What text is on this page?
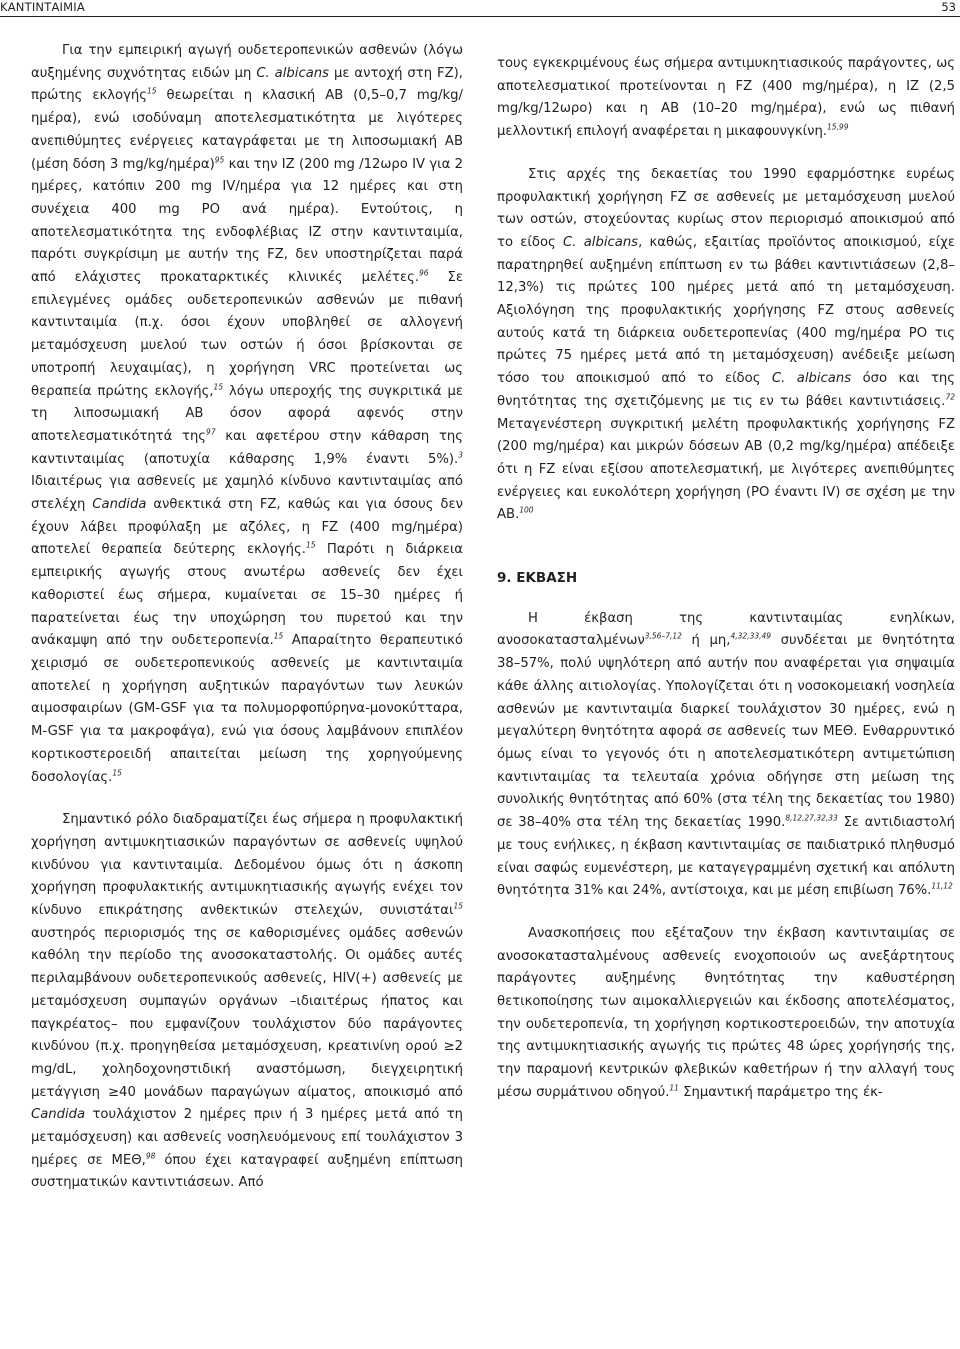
ΚΑΝΤΙΝΤΑΙΜΙΑ	53

Για την εμπειρική αγωγή ουδετεροπενικών ασθενών (λόγω αυξημένης συχνότητας ειδών μη C. albicans με αντοχή στη FZ), πρώτης εκλογής$^{15}$ θεωρείται η κλασική AB (0,5–0,7 mg/kg/ημέρα), ενώ ισοδύναμη αποτελεσματικότητα με λιγότερες ανεπιθύμητες ενέργειες καταγράφεται με τη λιποσωμιακή AB (μέση δόση 3 mg/kg/ημέρα)$^{95}$ και την ΙΖ (200 mg /12ωρο IV για 2 ημέρες, κατόπιν 200 mg IV/ημέρα για 12 ημέρες και στη συνέχεια 400 mg PO ανά ημέρα). Εντούτοις, η αποτελεσματικότητα της ενδοφλέβιας ΙΖ στην καντινταιμία, παρότι συγκρίσιμη με αυτήν της FZ, δεν υποστηρίζεται παρά από ελάχιστες προκαταρκτικές κλινικές μελέτες.$^{96}$ Σε επιλεγμένες ομάδες ουδετεροπενικών ασθενών με πιθανή καντινταιμία (π.χ. όσοι έχουν υποβληθεί σε αλλογενή μεταμόσχευση μυελού των οστών ή όσοι βρίσκονται σε υποτροπή λευχαιμίας), η χορήγηση VRC προτείνεται ως θεραπεία πρώτης εκλογής,$^{15}$ λόγω υπεροχής της συγκριτικά με τη λιποσωμιακή AB όσον αφορά αφενός στην αποτελεσματικότητά της$^{97}$ και αφετέρου στην κάθαρση της καντινταιμίας (αποτυχία κάθαρσης 1,9% έναντι 5%).$^3$ Ιδιαιτέρως για ασθενείς με χαμηλό κίνδυνο καντινταιμίας από στελέχη Candida ανθεκτικά στη FZ, καθώς και για όσους δεν έχουν λάβει προφύλαξη με αζόλες, η FZ (400 mg/ημέρα) αποτελεί θεραπεία δεύτερης εκλογής.$^{15}$ Παρότι η διάρκεια εμπειρικής αγωγής στους ανωτέρω ασθενείς δεν έχει καθοριστεί έως σήμερα, κυμαίνεται σε 15–30 ημέρες ή παρατείνεται έως την υποχώρηση του πυρετού και την ανάκαμψη από την ουδετεροπενία.$^{15}$ Απαραίτητο θεραπευτικό χειρισμό σε ουδετεροπενικούς ασθενείς με καντινταιμία αποτελεί η χορήγηση αυξητικών παραγόντων των λευκών αιμοσφαιρίων (GM-GSF για τα πολυμορφοπύρηνα-μονοκύτταρα, M-GSF για τα μακροφάγα), ενώ για όσους λαμβάνουν επιπλέον κορτικοστεροειδή απαιτείται μείωση της χορηγούμενης δοσολογίας.$^{15}$

Σημαντικό ρόλο διαδραματίζει έως σήμερα η προφυλακτική χορήγηση αντιμυκητιασικών παραγόντων σε ασθενείς υψηλού κινδύνου για καντινταιμία. Δεδομένου όμως ότι η άσκοπη χορήγηση προφυλακτικής αντιμυκητιασικής αγωγής ενέχει τον κίνδυνο επικράτησης ανθεκτικών στελεχών, συνιστάται$^{15}$ αυστηρός περιορισμός της σε καθορισμένες ομάδες ασθενών καθόλη την περίοδο της ανοσοκαταστολής. Οι ομάδες αυτές περιλαμβάνουν ουδετεροπενικούς ασθενείς, HIV(+) ασθενείς με μεταμόσχευση συμπαγών οργάνων –ιδιαιτέρως ήπατος και παγκρέατος– που εμφανίζουν τουλάχιστον δύο παράγοντες κινδύνου (π.χ. προηγηθείσα μεταμόσχευση, κρεατινίνη ορού ≥2 mg/dL, χοληδοχονηστιδική αναστόμωση, διεγχειρητική μετάγγιση ≥40 μονάδων παραγώγων αίματος, αποικισμό από Candida τουλάχιστον 2 ημέρες πριν ή 3 ημέρες μετά από τη μεταμόσχευση) και ασθενείς νοσηλευόμενους επί τουλάχιστον 3 ημέρες σε ΜΕΘ,$^{98}$ όπου έχει καταγραφεί αυξημένη επίπτωση συστηματικών καντιντιάσεων. Από

τους εγκεκριμένους έως σήμερα αντιμυκητιασικούς παράγοντες, ως αποτελεσματικοί προτείνονται η FZ (400 mg/ημέρα), η ΙΖ (2,5 mg/kg/12ωρο) και η AB (10–20 mg/ημέρα), ενώ ως πιθανή μελλοντική επιλογή αναφέρεται η μικαφουνγκίνη.$^{15,99}$

Στις αρχές της δεκαετίας του 1990 εφαρμόστηκε ευρέως προφυλακτική χορήγηση FZ σε ασθενείς με μεταμόσχευση μυελού των οστών, στοχεύοντας κυρίως στον περιορισμό αποικισμού από το είδος C. albicans, καθώς, εξαιτίας προϊόντος αποικισμού, είχε παρατηρηθεί αυξημένη επίπτωση εν τω βάθει καντιντιάσεων (2,8–12,3%) τις πρώτες 100 ημέρες μετά από τη μεταμόσχευση. Αξιολόγηση της προφυλακτικής χορήγησης FZ στους ασθενείς αυτούς κατά τη διάρκεια ουδετεροπενίας (400 mg/ημέρα PO τις πρώτες 75 ημέρες μετά από τη μεταμόσχευση) ανέδειξε μείωση τόσο του αποικισμού από το είδος C. albicans όσο και της θνητότητας της σχετιζόμενης με τις εν τω βάθει καντιντιάσεις.$^{72}$ Μεταγενέστερη συγκριτική μελέτη προφυλακτικής χορήγησης FZ (200 mg/ημέρα) και μικρών δόσεων AB (0,2 mg/kg/ημέρα) απέδειξε ότι η FZ είναι εξίσου αποτελεσματική, με λιγότερες ανεπιθύμητες ενέργειες και ευκολότερη χορήγηση (PO έναντι IV) σε σχέση με την AB.$^{100}$

9. ΕΚΒΑΣΗ

Η έκβαση της καντινταιμίας ενηλίκων, ανοσοκατασταλμένων$^{3,56-7,12}$ ή μη,$^{4,32,33,49}$ συνδέεται με θνητότητα 38–57%, πολύ υψηλότερη από αυτήν που αναφέρεται για σηψαιμία κάθε άλλης αιτιολογίας. Υπολογίζεται ότι η νοσοκομειακή νοσηλεία ασθενών με καντινταιμία διαρκεί τουλάχιστον 30 ημέρες, ενώ η μεγαλύτερη θνητότητα αφορά σε ασθενείς των ΜΕΘ. Ενθαρρυντικό όμως είναι το γεγονός ότι η αποτελεσματικότερη αντιμετώπιση καντινταιμίας τα τελευταία χρόνια οδήγησε στη μείωση της συνολικής θνητότητας από 60% (στα τέλη της δεκαετίας του 1980) σε 38–40% στα τέλη της δεκαετίας 1990.$^{8,12,27,32,33}$ Σε αντιδιαστολή με τους ενήλικες, η έκβαση καντινταιμίας σε παιδιατρικό πληθυσμό είναι σαφώς ευμενέστερη, με καταγεγραμμένη σχετική και απόλυτη θνητότητα 31% και 24%, αντίστοιχα, και με μέση επιβίωση 76%.$^{11,12}$

Ανασκοπήσεις που εξέταζουν την έκβαση καντινταιμίας σε ανοσοκατασταλμένους ασθενείς ενοχοποιούν ως ανεξάρτητους παράγοντες αυξημένης θνητότητας την καθυστέρηση θετικοποίησης των αιμοκαλλιεργειών και έκδοσης αποτελέσματος, την ουδετεροπενία, τη χορήγηση κορτικοστεροειδών, την αποτυχία της αντιμυκητιασικής αγωγής τις πρώτες 48 ώρες χορήγησής της, την παραμονή κεντρικών φλεβικών καθετήρων ή την αλλαγή τους μέσω συρμάτινου οδηγού.$^{11}$ Σημαντική παράμετρο της έκ-
